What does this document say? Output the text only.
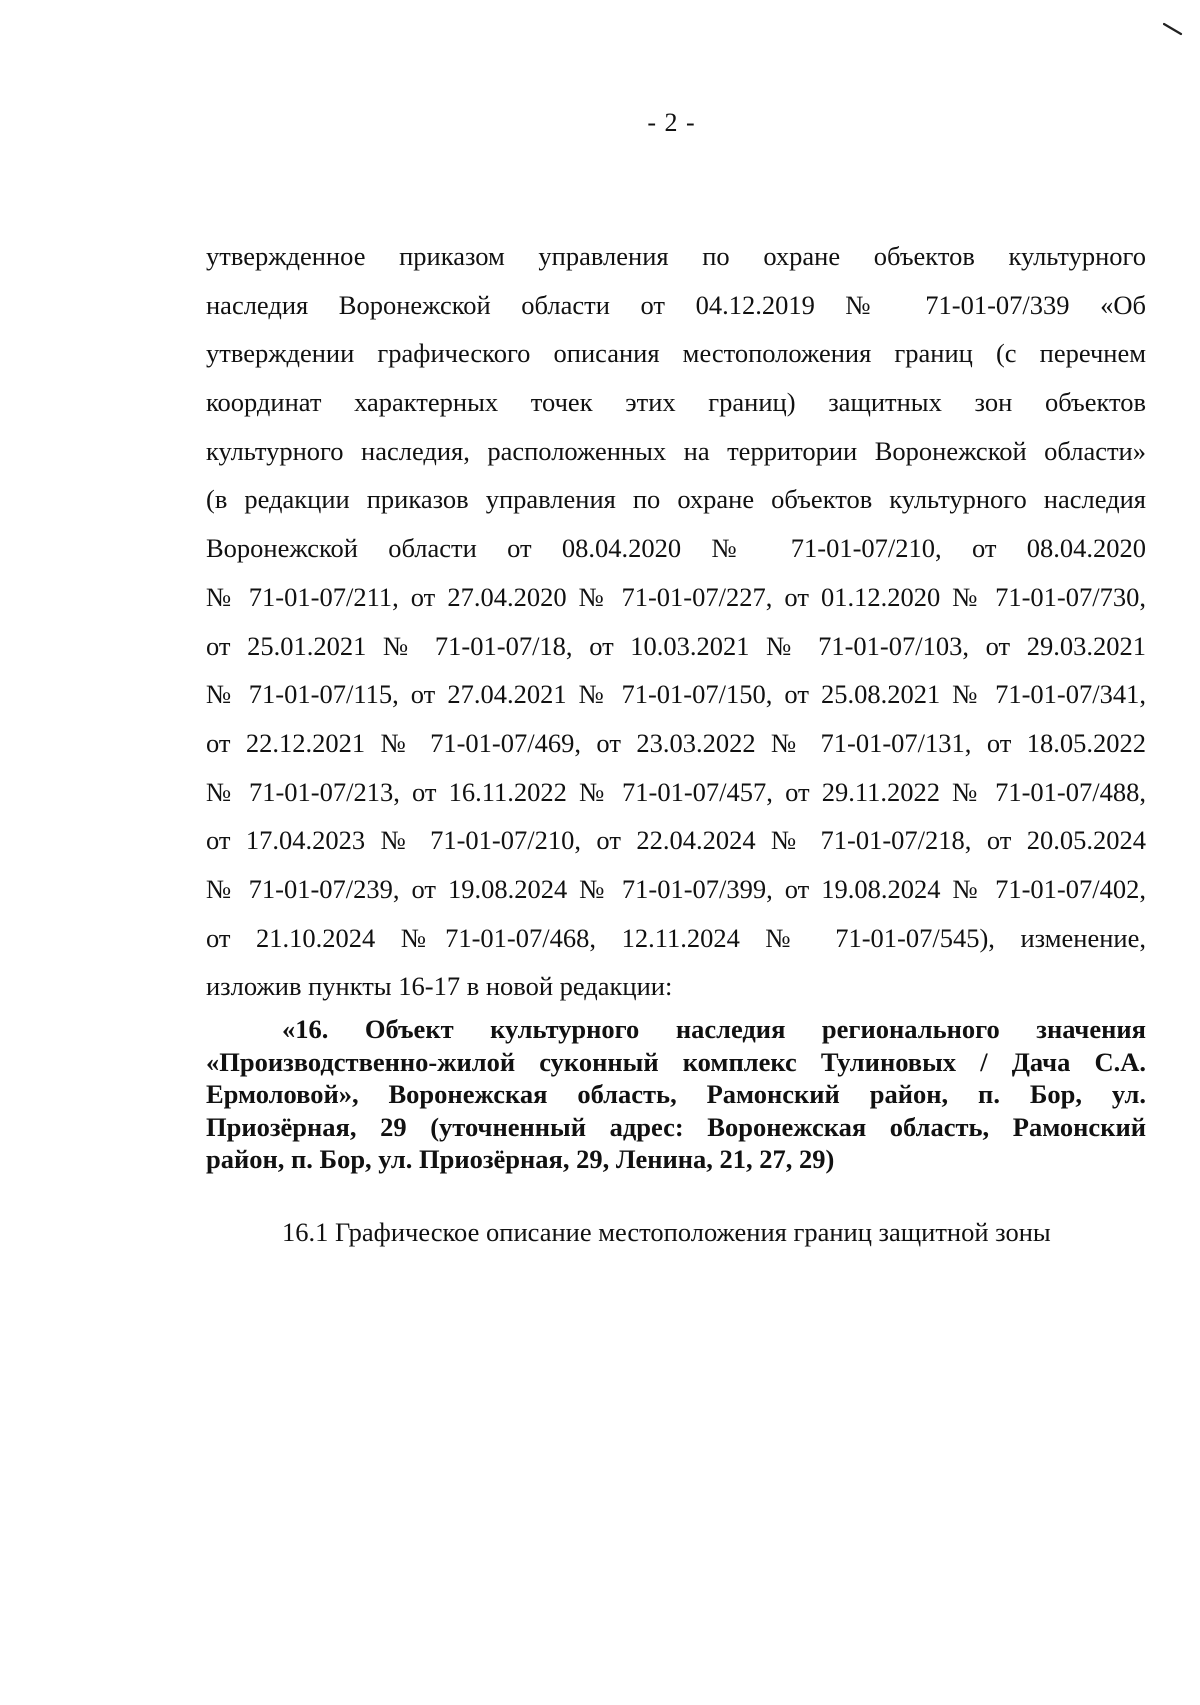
- 2 -
утвержденное приказом управления по охране объектов культурного
наследия Воронежской области от 04.12.2019 № 71-01-07/339 «Об
утверждении графического описания местоположения границ (с перечнем
координат характерных точек этих границ) защитных зон объектов
культурного наследия, расположенных на территории Воронежской области»
(в редакции приказов управления по охране объектов культурного наследия
Воронежской области от 08.04.2020 № 71-01-07/210, от 08.04.2020
№ 71-01-07/211, от 27.04.2020 № 71-01-07/227, от 01.12.2020 № 71-01-07/730,
от 25.01.2021 № 71-01-07/18, от 10.03.2021 № 71-01-07/103, от 29.03.2021
№ 71-01-07/115, от 27.04.2021 № 71-01-07/150, от 25.08.2021 № 71-01-07/341,
от 22.12.2021 № 71-01-07/469, от 23.03.2022 № 71-01-07/131, от 18.05.2022
№ 71-01-07/213, от 16.11.2022 № 71-01-07/457, от 29.11.2022 № 71-01-07/488,
от 17.04.2023 № 71-01-07/210, от 22.04.2024 № 71-01-07/218, от 20.05.2024
№ 71-01-07/239, от 19.08.2024 № 71-01-07/399, от 19.08.2024 № 71-01-07/402,
от 21.10.2024 №71-01-07/468, 12.11.2024 № 71-01-07/545), изменение,
изложив пункты 16-17 в новой редакции:
«16. Объект культурного наследия регионального значения
«Производственно-жилой суконный комплекс Тулиновых / Дача С.А.
Ермоловой», Воронежская область, Рамонский район, п. Бор, ул.
Приозёрная, 29 (уточненный адрес: Воронежская область, Рамонский
район, п. Бор, ул. Приозёрная, 29, Ленина, 21, 27, 29)
16.1 Графическое описание местоположения границ защитной зоны
